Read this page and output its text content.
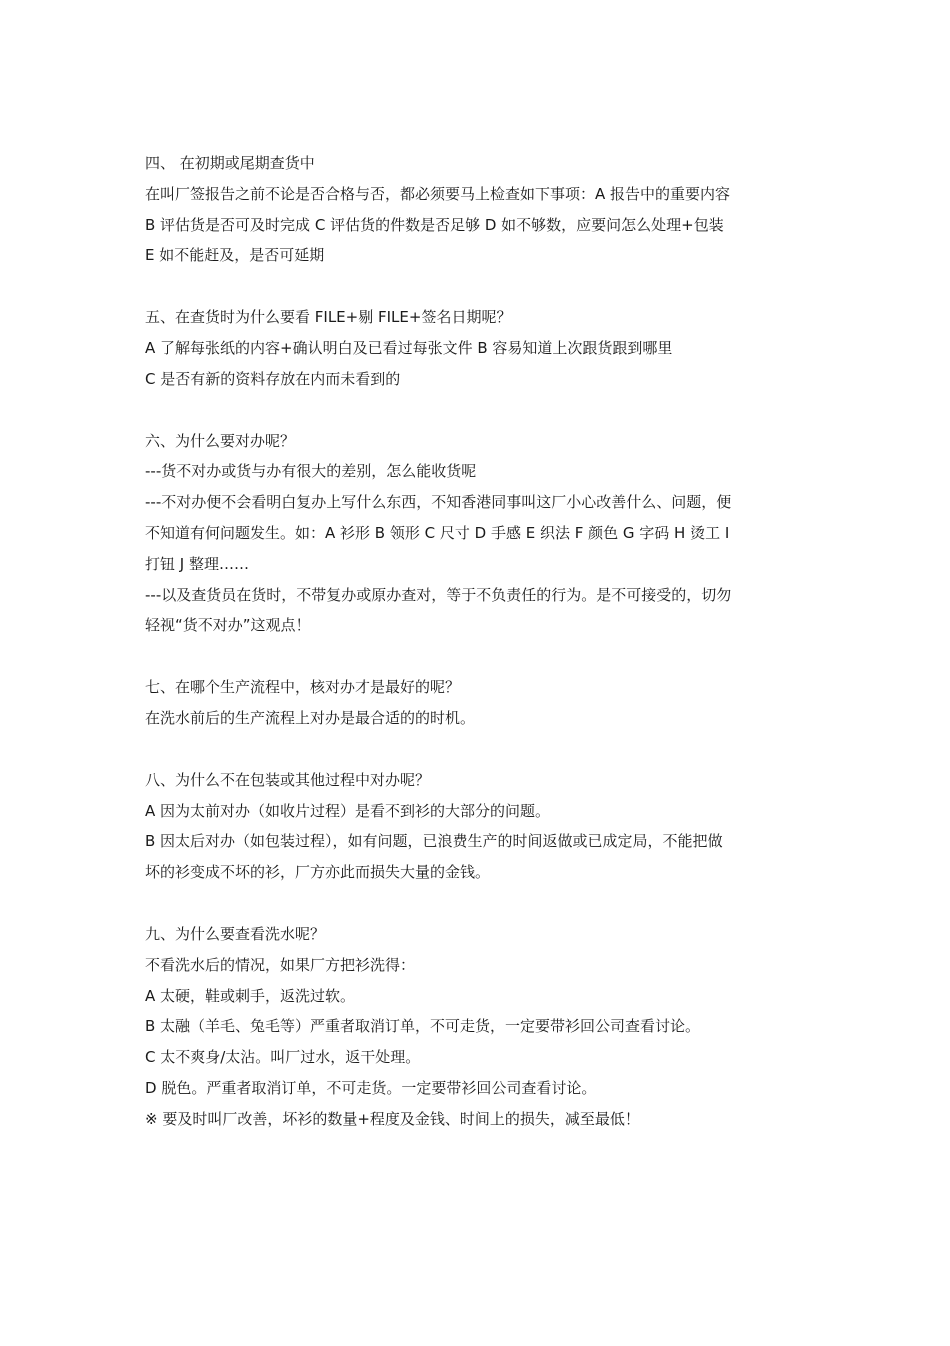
四、 在初期或尾期查货中
在叫厂签报告之前不论是否合格与否，都必须要马上检查如下事项：A 报告中的重要内容
B 评估货是否可及时完成 C 评估货的件数是否足够 D 如不够数，应要问怎么处理+包装
E 如不能赶及，是否可延期
五、在查货时为什么要看 FILE+剔 FILE+签名日期呢？
A 了解每张纸的内容+确认明白及已看过每张文件 B 容易知道上次跟货跟到哪里
C 是否有新的资料存放在内而未看到的
六、为什么要对办呢？
---货不对办或货与办有很大的差别，怎么能收货呢
---不对办便不会看明白复办上写什么东西，不知香港同事叫这厂小心改善什么、问题，便
不知道有何问题发生。如：A 衫形 B 领形 C 尺寸 D 手感 E 织法 F 颜色 G 字码 H 烫工 I
打钮 J 整理……
---以及查货员在货时，不带复办或原办查对，等于不负责任的行为。是不可接受的，切勿
轻视“货不对办”这观点！
七、在哪个生产流程中，核对办才是最好的呢？
在洗水前后的生产流程上对办是最合适的的时机。
八、为什么不在包装或其他过程中对办呢？
A 因为太前对办（如收片过程）是看不到衫的大部分的问题。
B 因太后对办（如包装过程），如有问题，已浪费生产的时间返做或已成定局，不能把做
坏的衫变成不坏的衫，厂方亦此而损失大量的金钱。
九、为什么要查看洗水呢？
不看洗水后的情况，如果厂方把衫洗得：
A 太硬，鞋或刺手，返洗过软。
B 太融（羊毛、兔毛等）严重者取消订单，不可走货，一定要带衫回公司查看讨论。
C 太不爽身/太沾。叫厂过水，返干处理。
D 脱色。严重者取消订单，不可走货。一定要带衫回公司查看讨论。
※ 要及时叫厂改善，坏衫的数量+程度及金钱、时间上的损失，减至最低！
